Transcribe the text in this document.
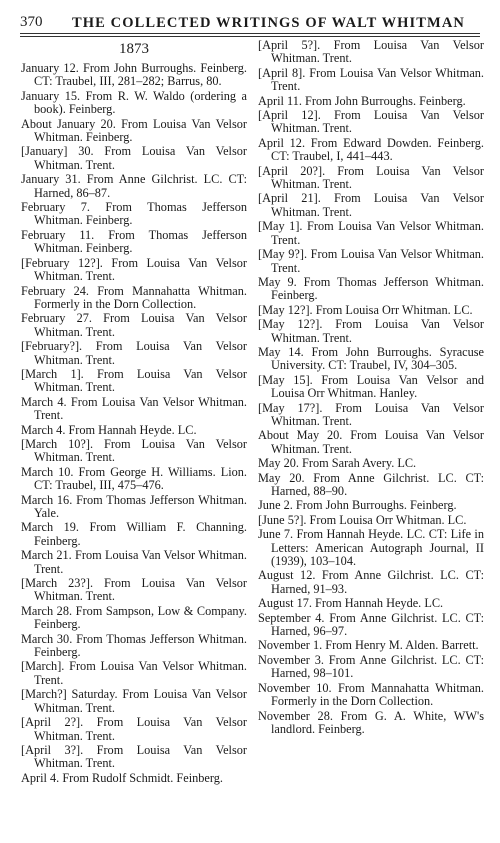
370 THE COLLECTED WRITINGS OF WALT WHITMAN
1873

January 12. From John Burroughs. Feinberg. CT: Traubel, III, 281–282; Barrus, 80.

January 15. From R. W. Waldo (ordering a book). Feinberg.

About January 20. From Louisa Van Velsor Whitman. Feinberg.

[January] 30. From Louisa Van Velsor Whitman. Trent.

January 31. From Anne Gilchrist. LC. CT: Harned, 86–87.

February 7. From Thomas Jefferson Whitman. Feinberg.

February 11. From Thomas Jefferson Whitman. Feinberg.

[February 12?]. From Louisa Van Velsor Whitman. Trent.

February 24. From Mannahatta Whitman. Formerly in the Dorn Collection.

February 27. From Louisa Van Velsor Whitman. Trent.

[February?]. From Louisa Van Velsor Whitman. Trent.

[March 1]. From Louisa Van Velsor Whitman. Trent.

March 4. From Louisa Van Velsor Whitman. Trent.

March 4. From Hannah Heyde. LC.

[March 10?]. From Louisa Van Velsor Whitman. Trent.

March 10. From George H. Williams. Lion. CT: Traubel, III, 475–476.

March 16. From Thomas Jefferson Whitman. Yale.

March 19. From William F. Channing. Feinberg.

March 21. From Louisa Van Velsor Whitman. Trent.

[March 23?]. From Louisa Van Velsor Whitman. Trent.

March 28. From Sampson, Low & Company. Feinberg.

March 30. From Thomas Jefferson Whitman. Feinberg.

[March]. From Louisa Van Velsor Whitman. Trent.

[March?] Saturday. From Louisa Van Velsor Whitman. Trent.

[April 2?]. From Louisa Van Velsor Whitman. Trent.

[April 3?]. From Louisa Van Velsor Whitman. Trent.

April 4. From Rudolf Schmidt. Feinberg.

[April 5?]. From Louisa Van Velsor Whitman. Trent.

[April 8]. From Louisa Van Velsor Whitman. Trent.

April 11. From John Burroughs. Feinberg.

[April 12]. From Louisa Van Velsor Whitman. Trent.

April 12. From Edward Dowden. Feinberg. CT: Traubel, I, 441–443.

[April 20?]. From Louisa Van Velsor Whitman. Trent.

[April 21]. From Louisa Van Velsor Whitman. Trent.

[May 1]. From Louisa Van Velsor Whitman. Trent.

[May 9?]. From Louisa Van Velsor Whitman. Trent.

May 9. From Thomas Jefferson Whitman. Feinberg.

[May 12?]. From Louisa Orr Whitman. LC.

[May 12?]. From Louisa Van Velsor Whitman. Trent.

May 14. From John Burroughs. Syracuse University. CT: Traubel, IV, 304–305.

[May 15]. From Louisa Van Velsor and Louisa Orr Whitman. Hanley.

[May 17?]. From Louisa Van Velsor Whitman. Trent.

About May 20. From Louisa Van Velsor Whitman. Trent.

May 20. From Sarah Avery. LC.

May 20. From Anne Gilchrist. LC. CT: Harned, 88–90.

June 2. From John Burroughs. Feinberg.

[June 5?]. From Louisa Orr Whitman. LC.

June 7. From Hannah Heyde. LC. CT: Life in Letters: American Autograph Journal, II (1939), 103–104.

August 12. From Anne Gilchrist. LC. CT: Harned, 91–93.

August 17. From Hannah Heyde. LC.

September 4. From Anne Gilchrist. LC. CT: Harned, 96–97.

November 1. From Henry M. Alden. Barrett.

November 3. From Anne Gilchrist. LC. CT: Harned, 98–101.

November 10. From Mannahatta Whitman. Formerly in the Dorn Collection.

November 28. From G. A. White, WW's landlord. Feinberg.
